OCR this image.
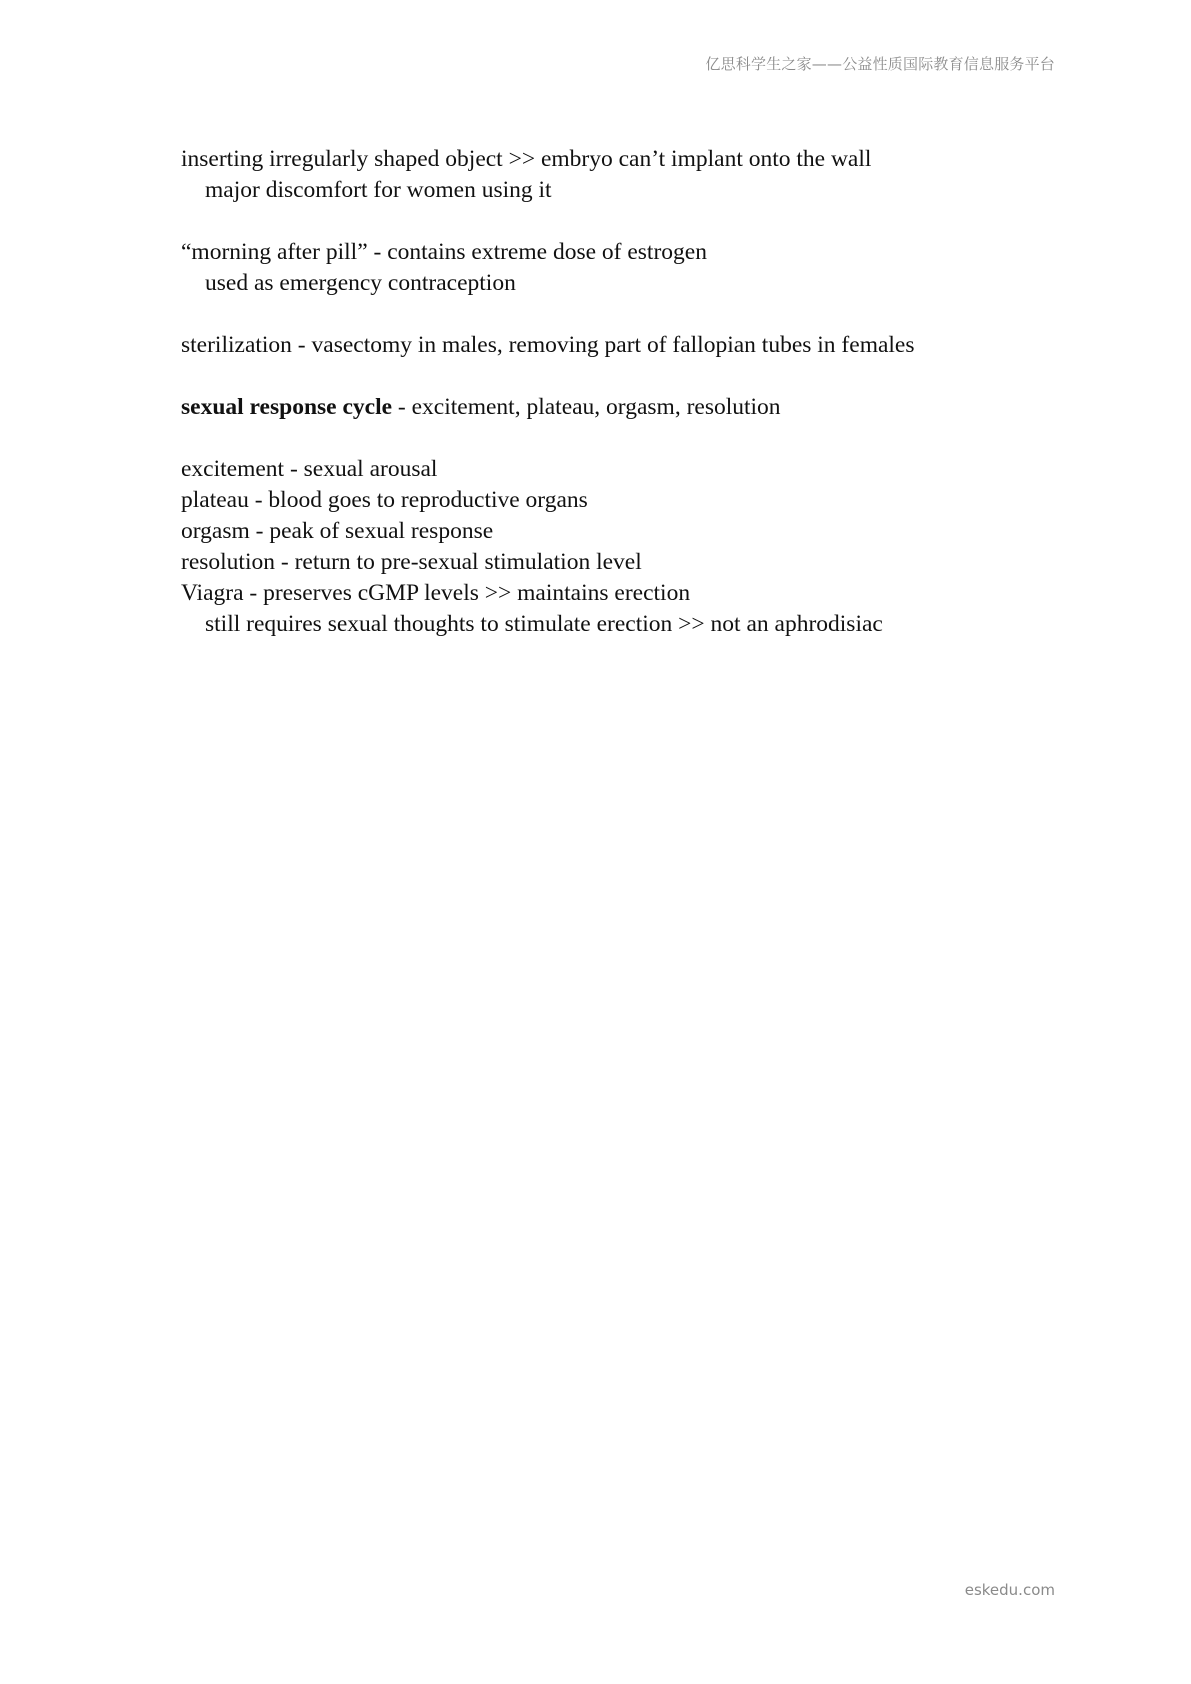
亿思科学生之家——公益性质国际教育信息服务平台
inserting irregularly shaped object >> embryo can’t implant onto the wall
major discomfort for women using it
“morning after pill” - contains extreme dose of estrogen
used as emergency contraception
sterilization - vasectomy in males, removing part of fallopian tubes in females
sexual response cycle - excitement, plateau, orgasm, resolution
excitement - sexual arousal
plateau - blood goes to reproductive organs
orgasm - peak of sexual response
resolution - return to pre-sexual stimulation level
Viagra - preserves cGMP levels >> maintains erection
still requires sexual thoughts to stimulate erection >> not an aphrodisiac
eskedu.com
